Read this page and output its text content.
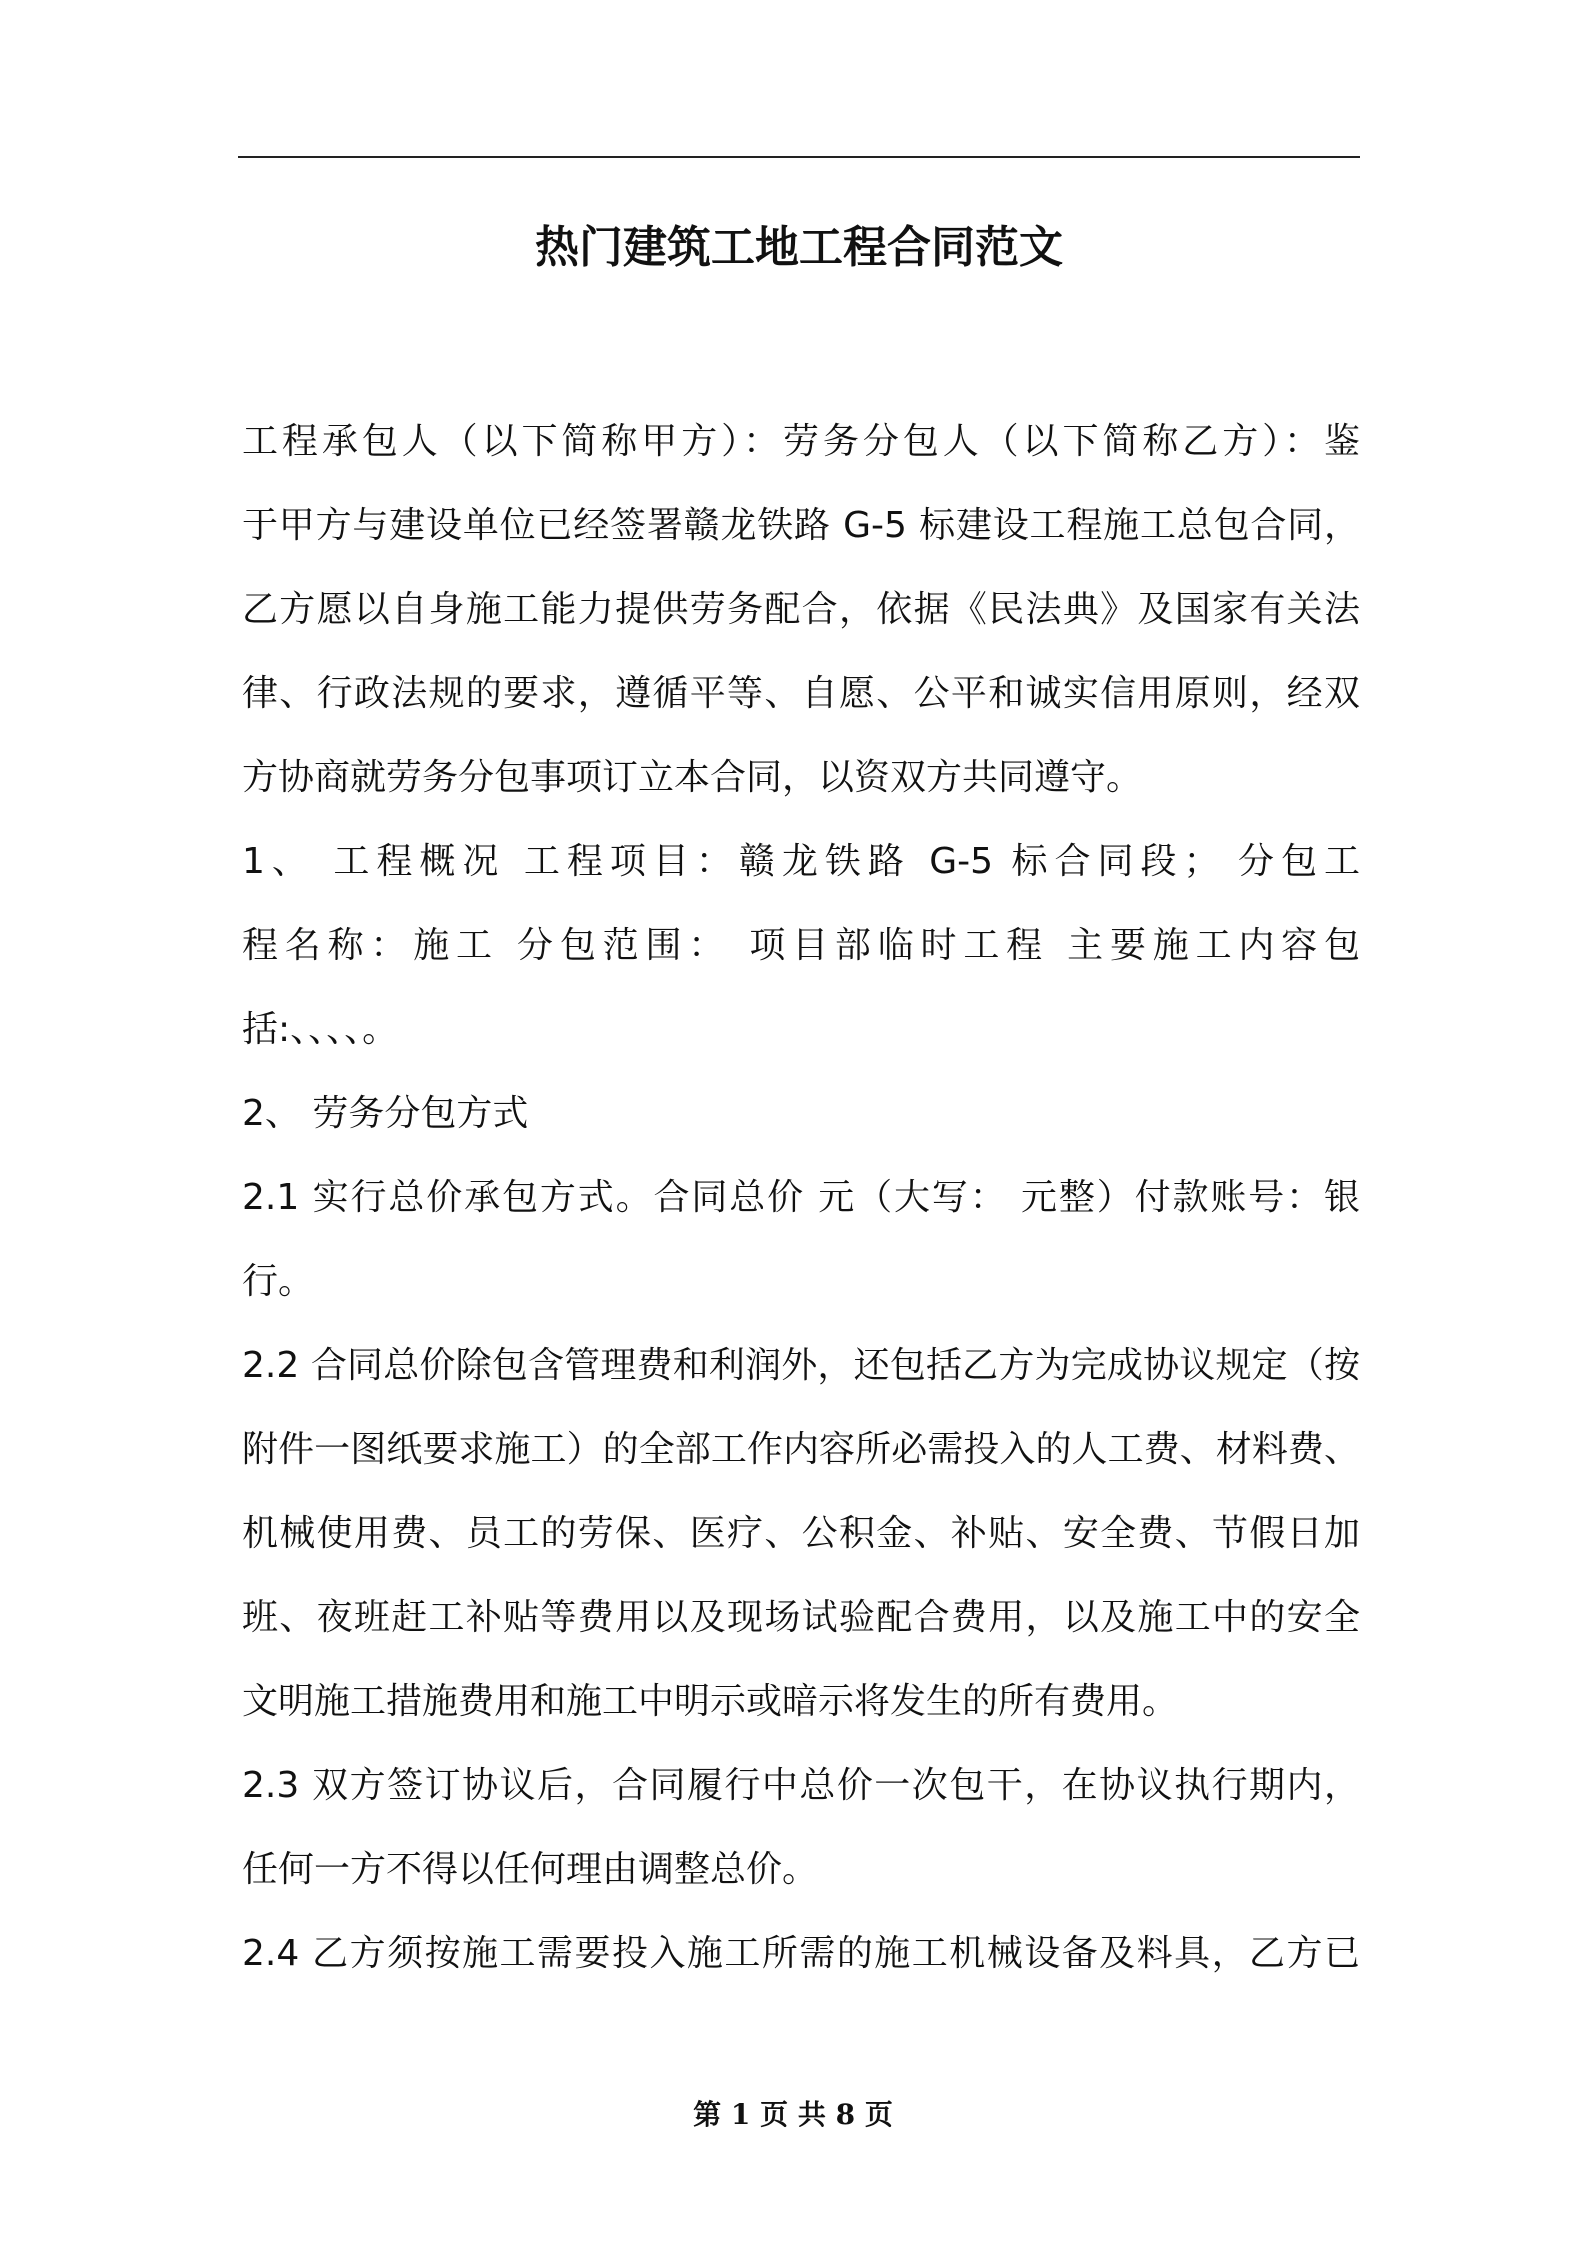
热门建筑工地工程合同范文
工程承包人（以下简称甲方）：劳务分包人（以下简称乙方）：鉴
于甲方与建设单位已经签署赣龙铁路 G-5 标建设工程施工总包合同，
乙方愿以自身施工能力提供劳务配合，依据《民法典》及国家有关法
律、行政法规的要求，遵循平等、自愿、公平和诚实信用原则，经双
方协商就劳务分包事项订立本合同，以资双方共同遵守。
1、 工程概况 工程项目：赣龙铁路 G-5 标合同段； 分包工
程名称：施工 分包范围： 项目部临时工程 主要施工内容包
括:、、、、。
2、 劳务分包方式
2.1 实行总价承包方式。合同总价 元（大写： 元整）付款账号：银
行。
2.2 合同总价除包含管理费和利润外，还包括乙方为完成协议规定（按
附件一图纸要求施工）的全部工作内容所必需投入的人工费、材料费、
机械使用费、员工的劳保、医疗、公积金、补贴、安全费、节假日加
班、夜班赶工补贴等费用以及现场试验配合费用，以及施工中的安全
文明施工措施费用和施工中明示或暗示将发生的所有费用。
2.3 双方签订协议后，合同履行中总价一次包干，在协议执行期内，
任何一方不得以任何理由调整总价。
2.4 乙方须按施工需要投入施工所需的施工机械设备及料具，乙方已
第 1 页 共 8 页
